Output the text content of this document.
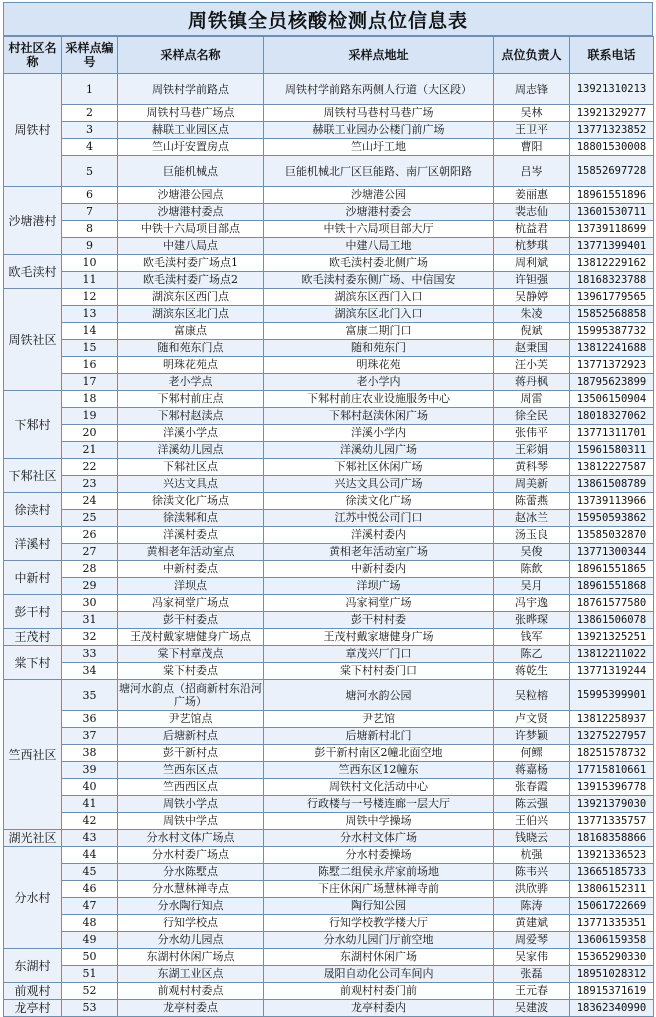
周铁镇全员核酸检测点位信息表
村社区名称	采样点编号	采样点名称	采样点地址	点位负责人	联系电话
周铁村	1	周铁村学前路点	周铁村学前路东两侧人行道（大区段）	周志锋	13921310213
	2	周铁村马巷广场点	周铁村马巷村马巷广场	吴林	13921329277
	3	赫联工业园区点	赫联工业园办公楼门前广场	王卫平	13771323852
	4	竺山圩安置房点	竺山圩工地	曹阳	18801530008
	5	巨能机械点	巨能机械北厂区巨能路、南厂区朝阳路	吕岑	15852697728
沙塘港村	6	沙塘港公园点	沙塘港公园	姜丽惠	18961551896
	7	沙塘港村委点	沙塘港村委会	裴志仙	13601530711
	8	中铁十六局项目部点	中铁十六局项目部大厅	杭益君	13739118699
	9	中建八局点	中建八局工地	杭梦琪	13771399401
欧毛渎村	10	欧毛渎村委广场点1	欧毛渎村委北侧广场	周利斌	13812229162
	11	欧毛渎村委广场点2	欧毛渎村委东侧广场、中信国安	许钽强	18168323788
周铁社区	12	湖滨东区西门点	湖滨东区西门入口	吴静婷	13961779565
	13	湖滨东区北门点	湖滨东区北门入口	朱凌	15852568858
	14	富康点	富康二期门口	倪斌	15995387732
	15	随和苑东门点	随和苑东门	赵秉国	13812241688
	16	明珠花苑点	明珠花苑	汪小芙	13771372923
	17	老小学点	老小学内	蒋丹枫	18795623899
下邾村	18	下邾村前庄点	下邾村前庄农业设施服务中心	周雷	13506150904
	19	下邾村赵渎点	下邾村赵渎休闲广场	徐全民	18018327062
	20	洋溪小学点	洋溪小学内	张伟平	13771311701
	21	洋溪幼儿园点	洋溪幼儿园广场	王彩娟	15961580311
下邾社区	22	下邾社区点	下邾社区休闲广场	黄科琴	13812227587
	23	兴达文具点	兴达文具公司广场	周美新	13861508789
徐渎村	24	徐渎文化广场点	徐渎文化广场	陈蕾燕	13739113966
	25	徐渎邾和点	江苏中悦公司门口	赵冰兰	15950593862
洋溪村	26	洋溪村委点	洋溪村委内	汤玉良	13585032870
	27	黄相老年活动室点	黄相老年活动室广场	吴俊	13771300344
中新村	28	中新村委点	中新村委内	陈飲	18961551865
	29	洋坝点	洋坝广场	吴月	18961551868
彭干村	30	冯家祠堂广场点	冯家祠堂广场	冯宇逸	18761577580
	31	彭干村委点	彭干村村委	张晔琛	13861506078
王茂村	32	王茂村戴家塘健身广场点	王茂村戴家塘健身广场	钱军	13921325251
棠下村	33	棠下村章茂点	章茂兴厂门口	陈乙	13812211022
	34	棠下村委点	棠下村村委门口	蒋乾生	13771319244
竺西社区	35	塘河水韵点（招商新村东沿河广场）	塘河水韵公园	吴粒榕	15995399901
	36	尹艺馆点	尹艺馆	卢文贤	13812258937
	37	后塘新村点	后塘新村北门	许梦颖	13275227957
	38	彭干新村点	彭干新村南区2幢北面空地	何鳏	18251578732
	39	竺西东区点	竺西东区12幢东	蒋嘉杨	17715810661
	40	竺西西区点	周铁村文化活动中心	张春霞	13915396778
	41	周铁小学点	行政楼与一号楼连廊一层大厅	陈云强	13921379030
	42	周铁中学点	周铁中学操场	王伯兴	13771335757
湖光社区	43	分水村文体广场点	分水村文体广场	钱晓云	18168358866
分水村	44	分水村委广场点	分水村委操场	杭强	13921336523
	45	分水陈墅点	陈墅二组侯永芹家前场地	陈韦兴	13665185733
	46	分水慧林禅寺点	下庄休闲广场慧林禅寺前	洪欣骅	13806152311
	47	分水陶行知点	陶行知公园	陈涛	15061722669
	48	行知学校点	行知学校教学楼大厅	黄建斌	13771335351
	49	分水幼儿园点	分水幼儿园门厅前空地	周爱琴	13606159358
东湖村	50	东湖村休闲广场点	东湖村休闲广场	吴家伟	15365290330
	51	东湖工业区点	晟阳自动化公司车间内	张磊	18951028312
前观村	52	前观村村委点	前观村村委门前	王元春	18915371619
龙亭村	53	龙亭村委点	龙亭村委内	吴建波	18362340990
